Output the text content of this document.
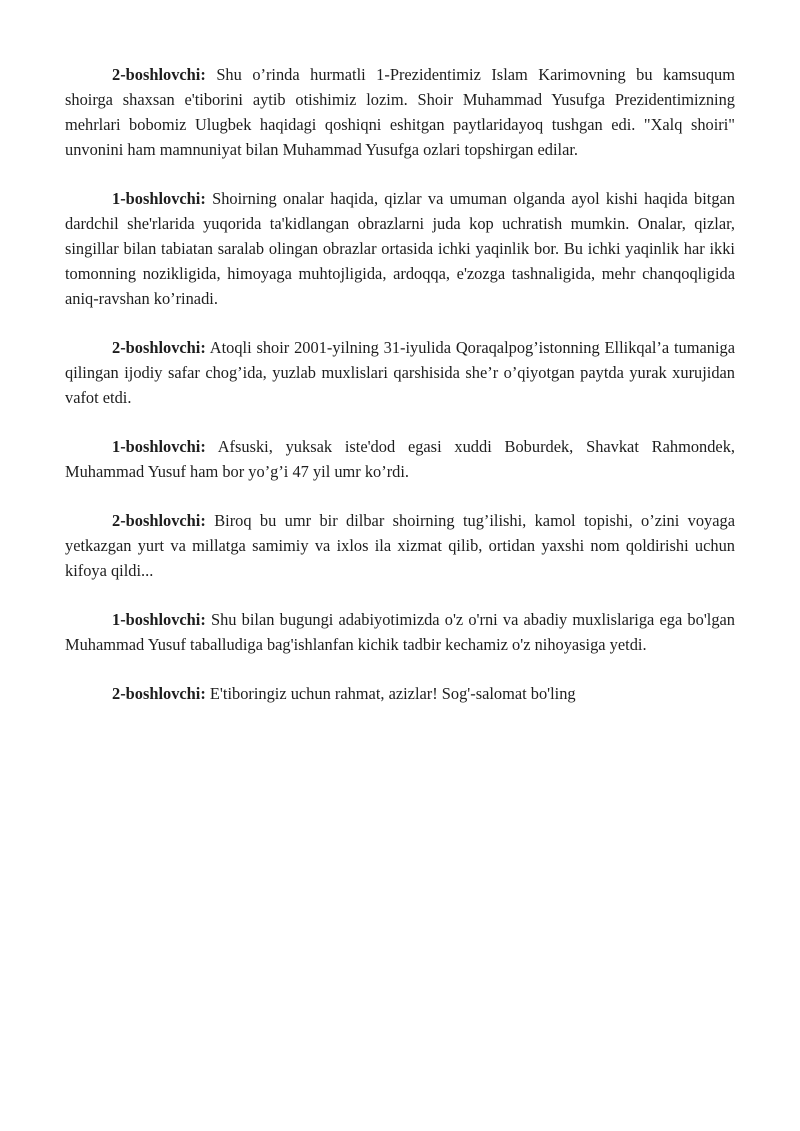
2-boshlovchi: Shu o’rinda hurmatli 1-Prezidentimiz Islam Karimovning bu kamsuqum shoirga shaxsan e'tiborini aytib otishimiz lozim. Shoir Muhammad Yusufga Prezidentimizning mehrlari bobomiz Ulugbek haqidagi qoshiqni eshitgan paytlaridayoq tushgan edi. "Xalq shoiri" unvonini ham mamnuniyat bilan Muhammad Yusufga ozlari topshirgan edilar.

1-boshlovchi: Shoirning onalar haqida, qizlar va umuman olganda ayol kishi haqida bitgan dardchil she'rlarida yuqorida ta'kidlangan obrazlarni juda kop uchratish mumkin. Onalar, qizlar, singillar bilan tabiatan saralab olingan obrazlar ortasida ichki yaqinlik bor. Bu ichki yaqinlik har ikki tomonning nozikligida, himoyaga muhtojligida, ardoqqa, e'zozga tashnaligida, mehr chanqoqligida aniq-ravshan ko’rinadi.

2-boshlovchi: Atoqli shoir 2001-yilning 31-iyulida Qoraqalpog’istonning Ellikqal’a tumaniga qilingan ijodiy safar chog’ida, yuzlab muxlislari qarshisida she’r o’qiyotgan paytda yurak xurujidan vafot etdi.

1-boshlovchi: Afsuski, yuksak iste'dod egasi xuddi Boburdek, Shavkat Rahmondek, Muhammad Yusuf ham bor yo’g’i 47 yil umr ko’rdi.

2-boshlovchi: Biroq bu umr bir dilbar shoirning tug’ilishi, kamol topishi, o’zini voyaga yetkazgan yurt va millatga samimiy va ixlos ila xizmat qilib, ortidan yaxshi nom qoldirishi uchun kifoya qildi...

1-boshlovchi: Shu bilan bugungi adabiyotimizda o'z o'rni va abadiy muxlislariga ega bo'lgan Muhammad Yusuf taballudiga bag'ishlanfan kichik tadbir kechamiz o'z nihoyasiga yetdi.

2-boshlovchi: E'tiboringiz uchun rahmat, azizlar! Sog'-salomat bo'ling
